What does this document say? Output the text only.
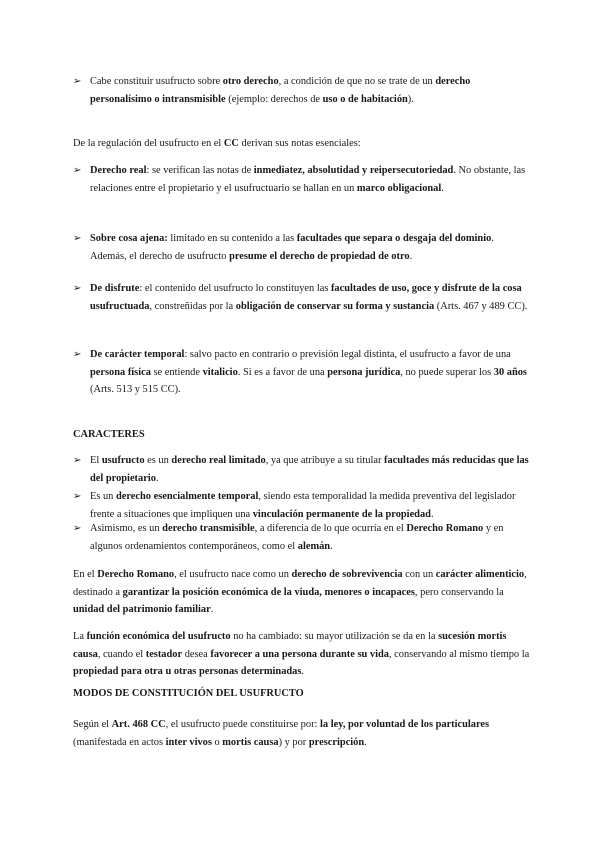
➢ Cabe constituir usufructo sobre otro derecho, a condición de que no se trate de un derecho personalísimo o intransmisible (ejemplo: derechos de uso o de habitación).
De la regulación del usufructo en el CC derivan sus notas esenciales:
➢ Derecho real: se verifican las notas de inmediatez, absolutidad y reipersecutoriedad. No obstante, las relaciones entre el propietario y el usufructuario se hallan en un marco obligacional.
➢ Sobre cosa ajena: limitado en su contenido a las facultades que separa o desgaja del dominio. Además, el derecho de usufructo presume el derecho de propiedad de otro.
➢ De disfrute: el contenido del usufructo lo constituyen las facultades de uso, goce y disfrute de la cosa usufructuada, constreñidas por la obligación de conservar su forma y sustancia (Arts. 467 y 489 CC).
➢ De carácter temporal: salvo pacto en contrario o previsión legal distinta, el usufructo a favor de una persona física se entiende vitalicio. Si es a favor de una persona jurídica, no puede superar los 30 años (Arts. 513 y 515 CC).
CARACTERES
➢ El usufructo es un derecho real limitado, ya que atribuye a su titular facultades más reducidas que las del propietario.
➢ Es un derecho esencialmente temporal, siendo esta temporalidad la medida preventiva del legislador frente a situaciones que impliquen una vinculación permanente de la propiedad.
➢ Asimismo, es un derecho transmisible, a diferencia de lo que ocurría en el Derecho Romano y en algunos ordenamientos contemporáneos, como el alemán.
En el Derecho Romano, el usufructo nace como un derecho de sobrevivencia con un carácter alimenticio, destinado a garantizar la posición económica de la viuda, menores o incapaces, pero conservando la unidad del patrimonio familiar.
La función económica del usufructo no ha cambiado: su mayor utilización se da en la sucesión mortis causa, cuando el testador desea favorecer a una persona durante su vida, conservando al mismo tiempo la propiedad para otra u otras personas determinadas.
MODOS DE CONSTITUCIÓN DEL USUFRUCTO
Según el Art. 468 CC, el usufructo puede constituirse por: la ley, por voluntad de los particulares (manifestada en actos inter vivos o mortis causa) y por prescripción.
